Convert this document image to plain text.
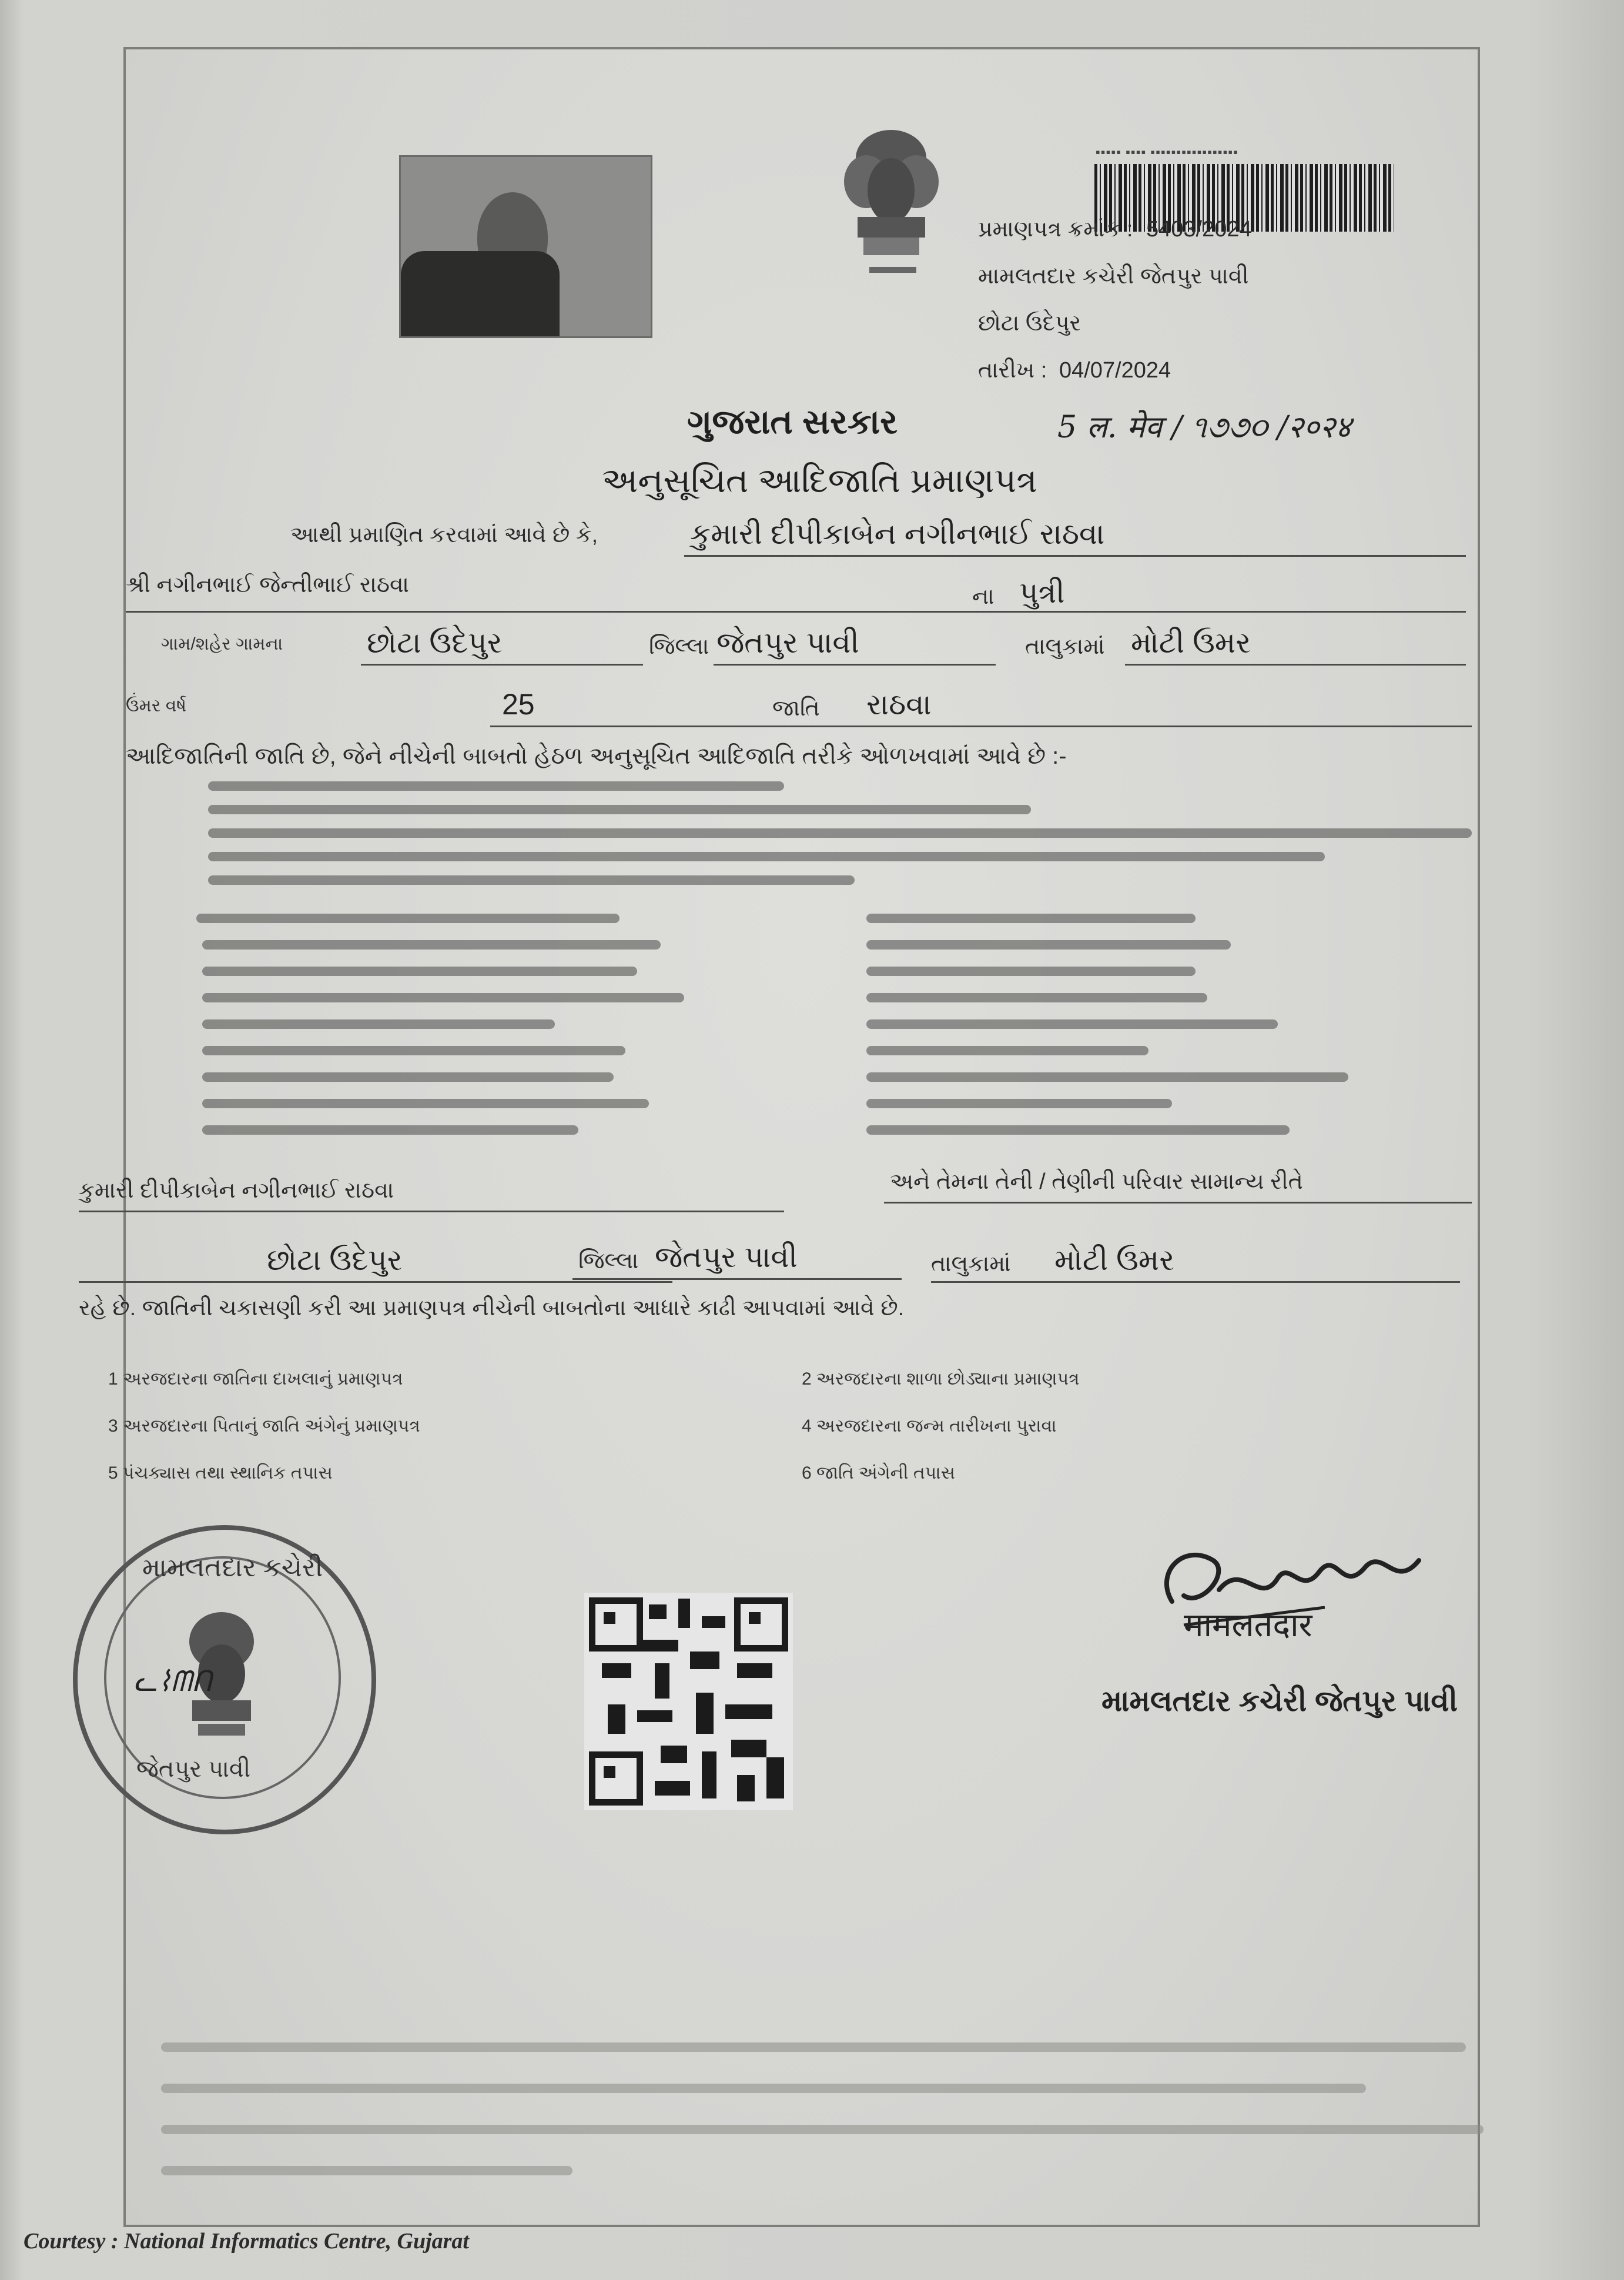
▪▪▪▪▪ ▪▪▪▪ ▪▪▪▪▪▪▪▪▪▪▪▪▪▪▪▪▪
પ્રમાણપત્ર ક્રમાંક : 5403/2024
મામલતદાર કચેરી જેતપુર પાવી
છોટા ઉદેપુર
તારીખ : 04/07/2024
ગુજરાત સરકાર	5 ल. मेव / ૧૭૭૦ /२०२४
અનુસૂચિત આદિજાતિ પ્રમાણપત્ર
આથી પ્રમાણિત કરવામાં આવે છે કે,	કુમારી દીપીકાબેન નગીનભાઈ રાઠવા
શ્રી નગીનભાઈ જેન્તીભાઈ રાઠવા	ના પુત્રી
ગામ/શહેર ગામના	છોટા ઉદેપુર	જિલ્લા જેતપુર પાવી	તાલુકામાં મોટી ઉમર
ઉંમર વર્ષ	25	જાતિ રાઠવા
આદિજાતિની જાતિ છે, જેને નીચેની બાબતો હેઠળ અનુસૂચિત આદિજાતિ તરીકે ઓળખવામાં આવે છે :-
કુમારી દીપીકાબેન નગીનભાઈ રાઠવા	અને તેમના તેની / તેણીની પરિવાર સામાન્ય રીતે
છોટા ઉદેપુર	જિલ્લા જેતપુર પાવી	તાલુકામાં મોટી ઉમર
રહે છે. જાતિની ચકાસણી કરી આ પ્રમાણપત્ર નીચેની બાબતોના આધારે કાઢી આપવામાં આવે છે.
1 અરજદારના જાતિના દાખલાનું પ્રમાણપત્ર	2 અરજદારના શાળા છોડ્યાના પ્રમાણપત્ર
3 અરજદારના પિતાનું જાતિ અંગેનું પ્રમાણપત્ર	4 અરજદારના જન્મ તારીખના પુરાવા
5 પંચક્યાસ તથા સ્થાનિક તપાસ	6 જાતિ અંગેની તપાસ
મામલતદાર કચેરી
જેતપુર પાવી
ᓚ⌇ᗰᑎ
मामलतदार
મામલતદાર કચેરી જેતપુર પાવી
Courtesy : National Informatics Centre, Gujarat
